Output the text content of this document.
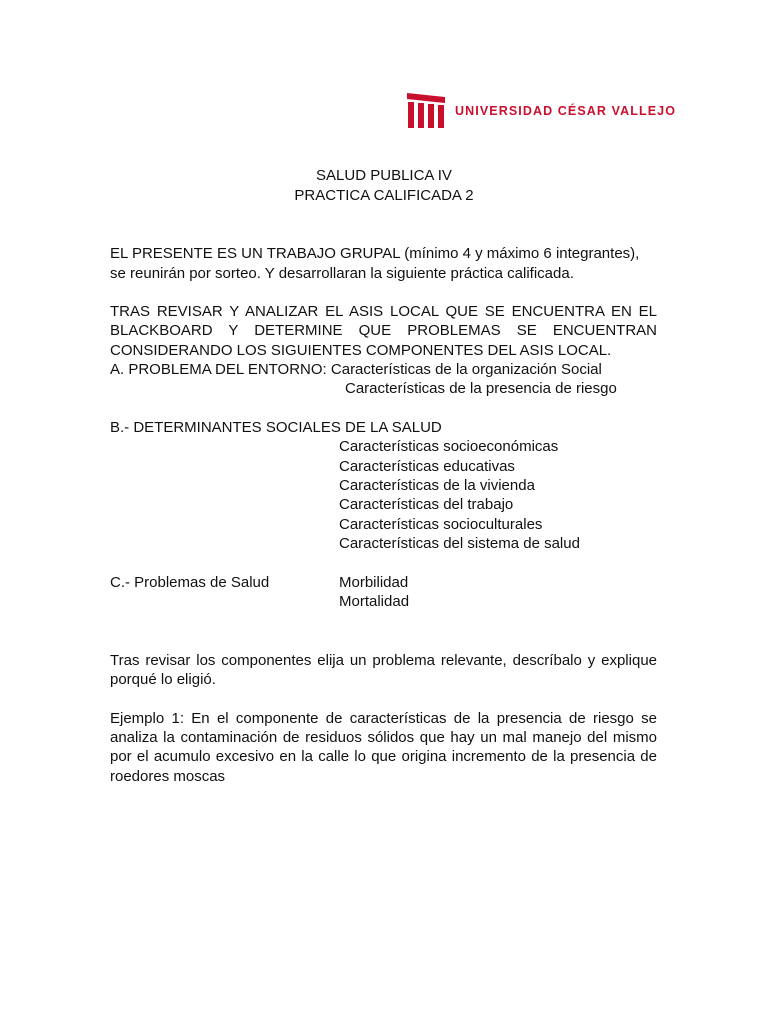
UNIVERSIDAD CÉSAR VALLEJO
SALUD PUBLICA IV
PRACTICA CALIFICADA 2
EL PRESENTE ES UN TRABAJO GRUPAL (mínimo 4 y máximo 6 integrantes),
se reunirán por sorteo. Y desarrollaran la siguiente práctica calificada.
TRAS REVISAR Y ANALIZAR EL ASIS LOCAL QUE SE ENCUENTRA EN EL
BLACKBOARD Y DETERMINE QUE PROBLEMAS SE ENCUENTRAN
CONSIDERANDO LOS SIGUIENTES COMPONENTES DEL ASIS LOCAL.
A. PROBLEMA DEL ENTORNO: Características de la organización Social
Características de la presencia de riesgo
B.- DETERMINANTES SOCIALES DE LA SALUD
Características socioeconómicas
Características educativas
Características de la vivienda
Características del trabajo
Características socioculturales
Características del sistema de salud
C.- Problemas de Salud	Morbilidad
Mortalidad
Tras revisar los componentes elija un problema relevante, descríbalo y explique
porqué lo eligió.
Ejemplo 1: En el componente de características de la presencia de riesgo se
analiza la contaminación de residuos sólidos que hay un mal manejo del mismo
por el acumulo excesivo en la calle lo que origina incremento de la presencia de
roedores moscas
